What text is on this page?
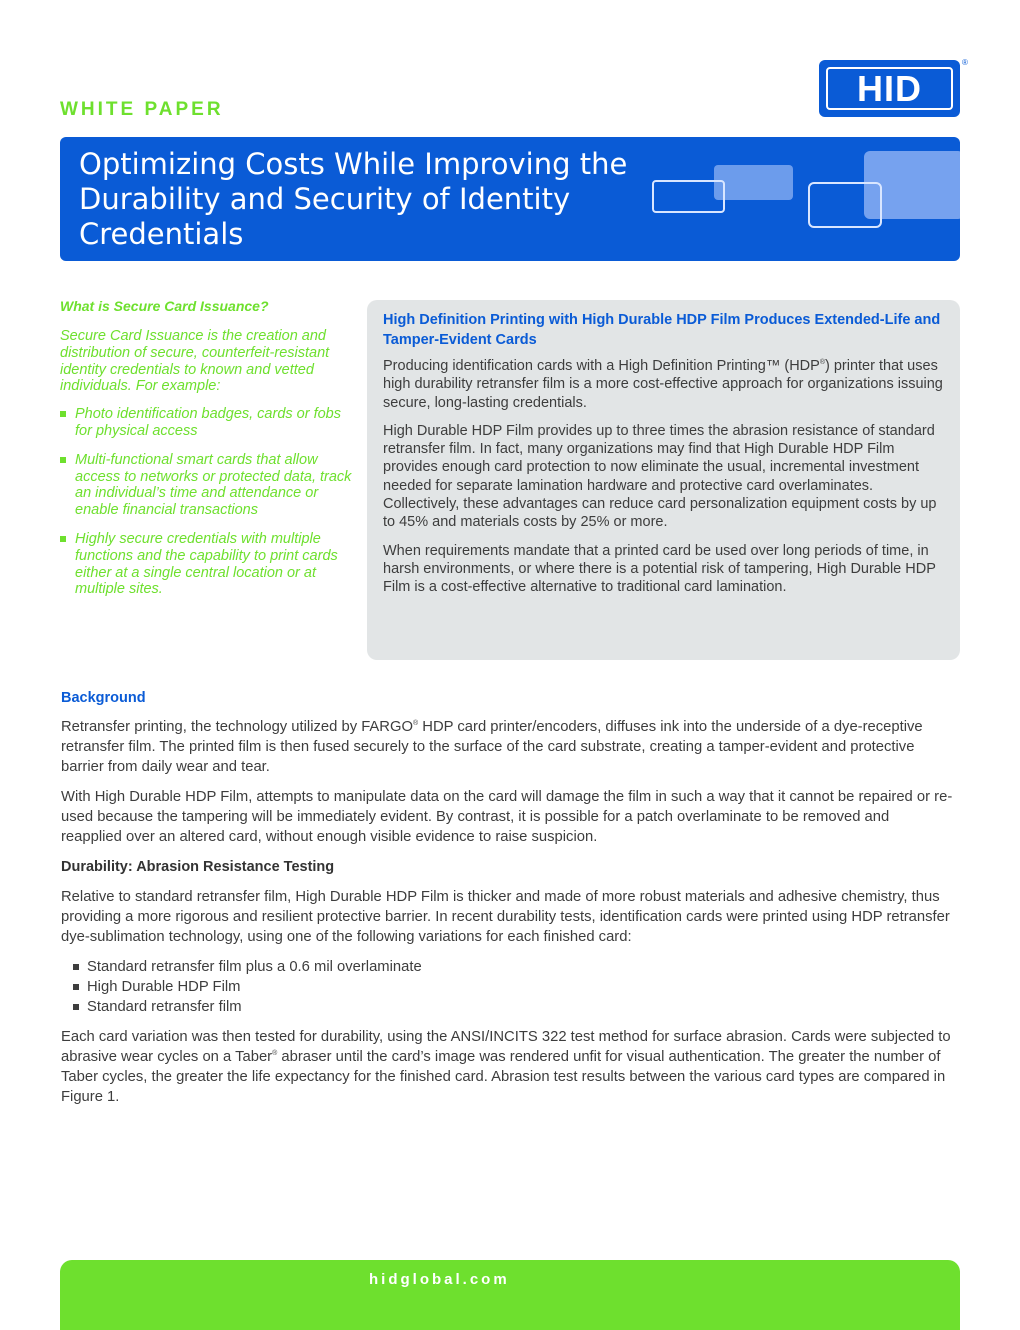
WHITE PAPER
HID
®
Optimizing Costs While Improving the Durability and Security of Identity Credentials

What is Secure Card Issuance?

Secure Card Issuance is the creation and distribution of secure, counterfeit-resistant identity credentials to known and vetted individuals. For example:

Photo identification badges, cards or fobs for physical access
Multi-functional smart cards that allow access to networks or protected data, track an individual’s time and attendance or enable financial transactions
Highly secure credentials with multiple functions and the capability to print cards either at a single central location or at multiple sites.

High Definition Printing with High Durable HDP Film Produces Extended-Life and Tamper-Evident Cards

Producing identification cards with a High Definition Printing™ (HDP®) printer that uses high durability retransfer film is a more cost-effective approach for organizations issuing secure, long-lasting credentials.

High Durable HDP Film provides up to three times the abrasion resistance of standard retransfer film. In fact, many organizations may find that High Durable HDP Film provides enough card protection to now eliminate the usual, incremental investment needed for separate lamination hardware and protective card overlaminates. Collectively, these advantages can reduce card personalization equipment costs by up to 45% and materials costs by 25% or more.

When requirements mandate that a printed card be used over long periods of time, in harsh environments, or where there is a potential risk of tampering, High Durable HDP Film is a cost-effective alternative to traditional card lamination.

Background

Retransfer printing, the technology utilized by FARGO® HDP card printer/encoders, diffuses ink into the underside of a dye-receptive retransfer film. The printed film is then fused securely to the surface of the card substrate, creating a tamper-evident and protective barrier from daily wear and tear.

With High Durable HDP Film, attempts to manipulate data on the card will damage the film in such a way that it cannot be repaired or re-used because the tampering will be immediately evident. By contrast, it is possible for a patch overlaminate to be removed and reapplied over an altered card, without enough visible evidence to raise suspicion.

Durability: Abrasion Resistance Testing

Relative to standard retransfer film, High Durable HDP Film is thicker and made of more robust materials and adhesive chemistry, thus providing a more rigorous and resilient protective barrier. In recent durability tests, identification cards were printed using HDP retransfer dye-sublimation technology, using one of the following variations for each finished card:

Standard retransfer film plus a 0.6 mil overlaminate
High Durable HDP Film
Standard retransfer film

Each card variation was then tested for durability, using the ANSI/INCITS 322 test method for surface abrasion. Cards were subjected to abrasive wear cycles on a Taber® abraser until the card’s image was rendered unfit for visual authentication. The greater the number of Taber cycles, the greater the life expectancy for the finished card. Abrasion test results between the various card types are compared in Figure 1.

hidglobal.com
